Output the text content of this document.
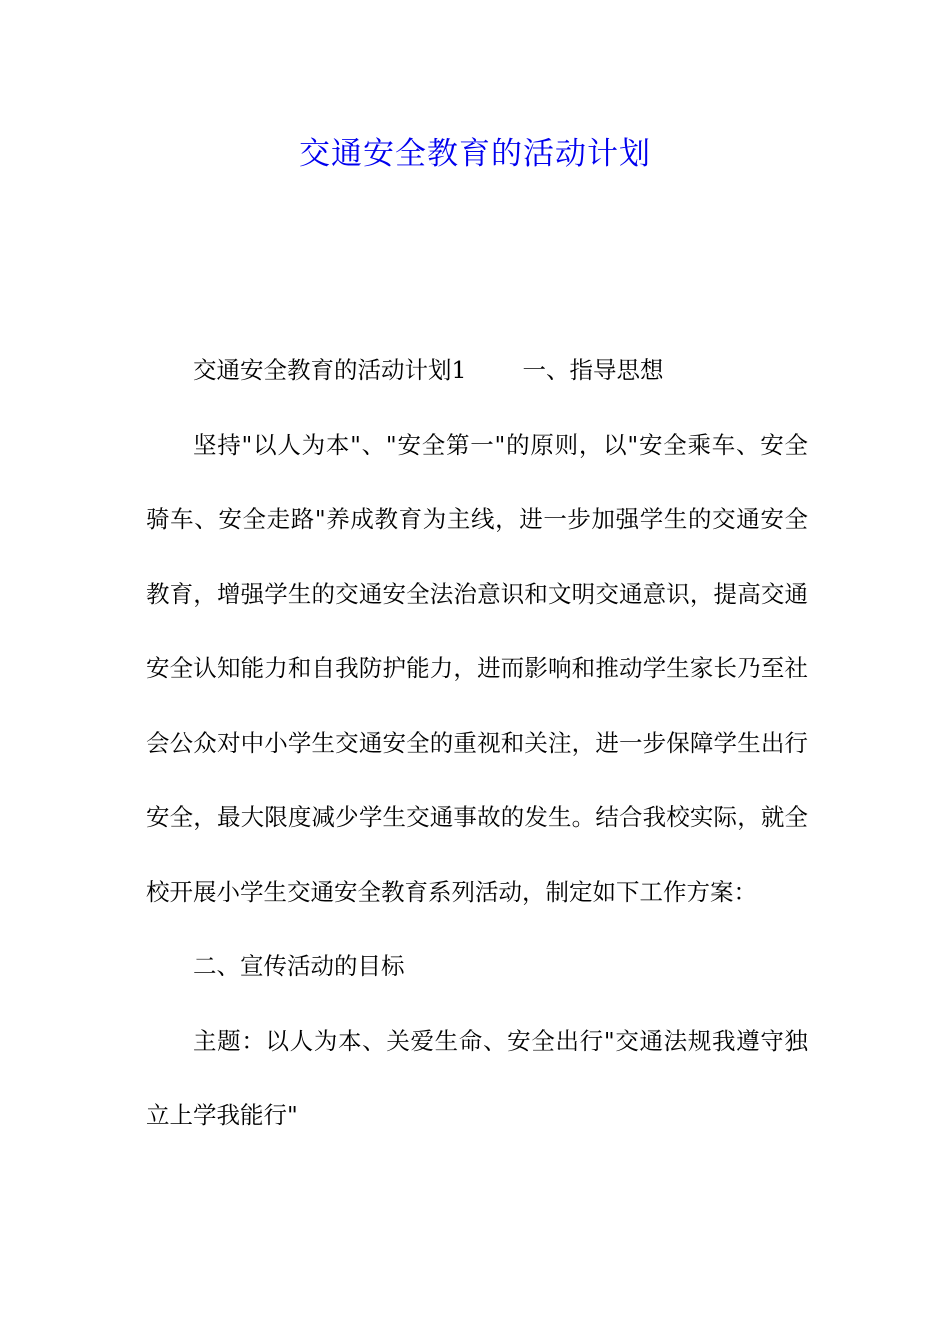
交通安全教育的活动计划

交通安全教育的活动计划1 一、指导思想

坚持"以人为本"、"安全第一"的原则，以"安全乘车、安全骑车、安全走路"养成教育为主线，进一步加强学生的交通安全教育，增强学生的交通安全法治意识和文明交通意识，提高交通安全认知能力和自我防护能力，进而影响和推动学生家长乃至社会公众对中小学生交通安全的重视和关注，进一步保障学生出行安全，最大限度减少学生交通事故的发生。结合我校实际，就全校开展小学生交通安全教育系列活动，制定如下工作方案：

二、宣传活动的目标

主题：以人为本、关爱生命、安全出行"交通法规我遵守独立上学我能行"
